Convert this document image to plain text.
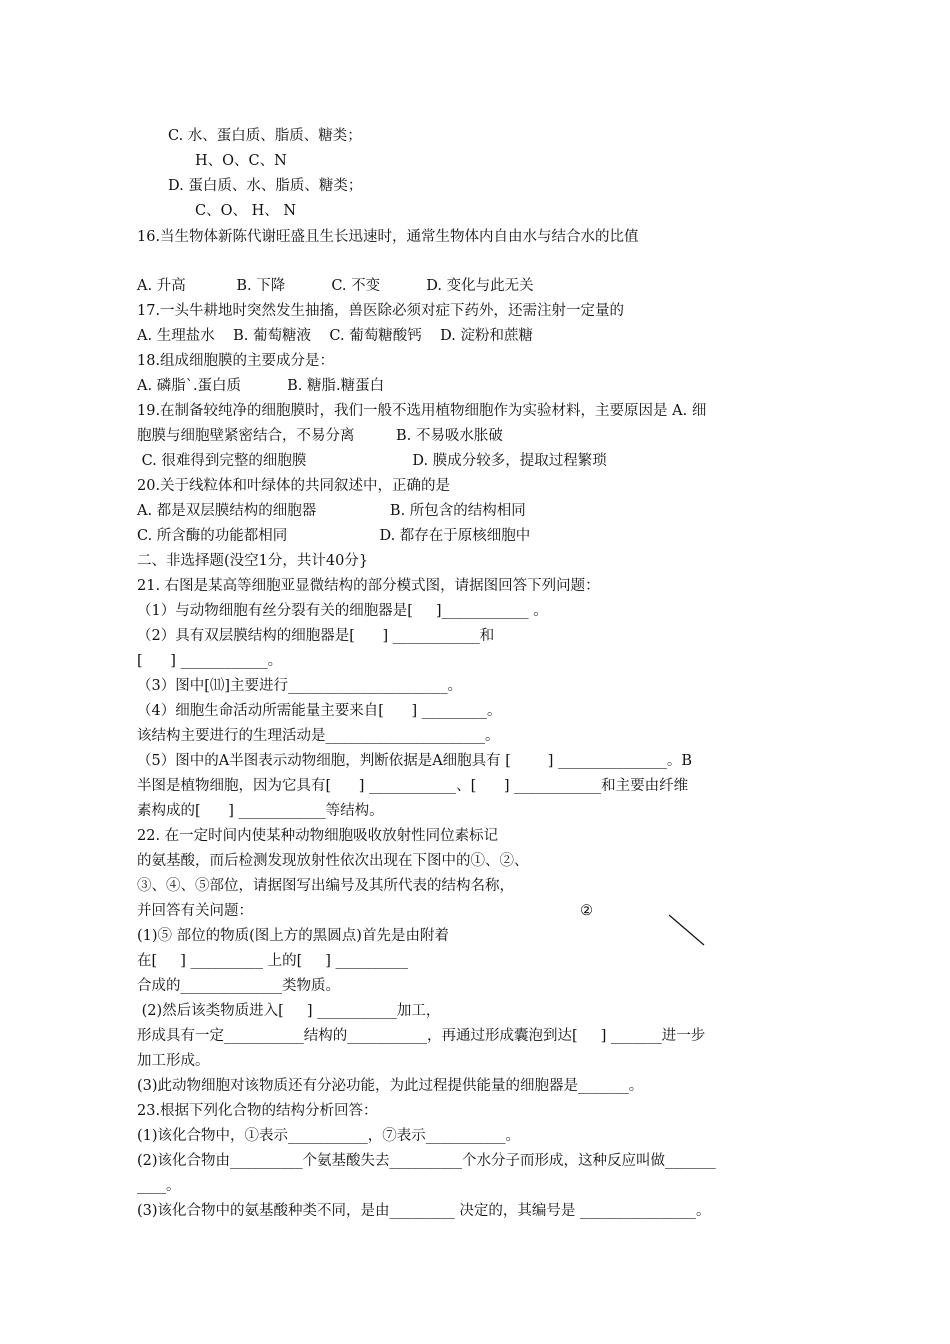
C. 水、蛋白质、脂质、糖类；
H、O、C、N
D. 蛋白质、水、脂质、糖类；
C、O、 H、 N
16.当生物体新陈代谢旺盛且生长迅速时，通常生物体内自由水与结合水的比值
A. 升高           B. 下降          C. 不变          D. 变化与此无关
17.一头牛耕地时突然发生抽搐，兽医除必须对症下药外，还需注射一定量的
A. 生理盐水    B. 葡萄糖液    C. 葡萄糖酸钙    D. 淀粉和蔗糖
18.组成细胞膜的主要成分是：
A. 磷脂`.蛋白质          B. 糖脂.糖蛋白
19.在制备较纯净的细胞膜时，我们一般不选用植物细胞作为实验材料，主要原因是 A. 细
胞膜与细胞壁紧密结合，不易分离         B. 不易吸水胀破
C. 很难得到完整的细胞膜                       D. 膜成分较多，提取过程繁琐
20.关于线粒体和叶绿体的共同叙述中，正确的是
A. 都是双层膜结构的细胞器                B. 所包含的结构相同
C. 所含酶的功能都相同                    D. 都存在于原核细胞中
二、非选择题(没空1分，共计40分}
21. 右图是某高等细胞亚显微结构的部分模式图，请据图回答下列问题：
（1）与动物细胞有丝分裂有关的细胞器是[     ]____________ 。
（2）具有双层膜结构的细胞器是[      ] ____________和
[      ] ____________。
（3）图中[⑾]主要进行______________________。
（4）细胞生命活动所需能量主要来自[      ] _________。
该结构主要进行的生理活动是______________________。
（5）图中的A半图表示动物细胞，判断依据是A细胞具有 [        ] _______________。B
半图是植物细胞，因为它具有[      ] ____________、[      ] ____________和主要由纤维
素构成的[      ] ____________等结构。
22. 在一定时间内使某种动物细胞吸收放射性同位素标记
的氨基酸，而后检测发现放射性依次出现在下图中的①、②、
③、④、⑤部位，请据图写出编号及其所代表的结构名称，
并回答有关问题：
(1)⑤ 部位的物质(图上方的黑圆点)首先是由附着
在[     ] __________ 上的[     ] __________
合成的______________类物质。
(2)然后该类物质进入[     ] ___________加工，
形成具有一定___________结构的___________，再通过形成囊泡到达[     ] _______进一步
加工形成。
(3)此动物细胞对该物质还有分泌功能，为此过程提供能量的细胞器是_______。
23.根据下列化合物的结构分析回答：
(1)该化合物中，①表示___________，⑦表示___________。
(2)该化合物由__________个氨基酸失去__________个水分子而形成，这种反应叫做_______
____。
(3)该化合物中的氨基酸种类不同，是由_________ 决定的，其编号是 ________________。
②
